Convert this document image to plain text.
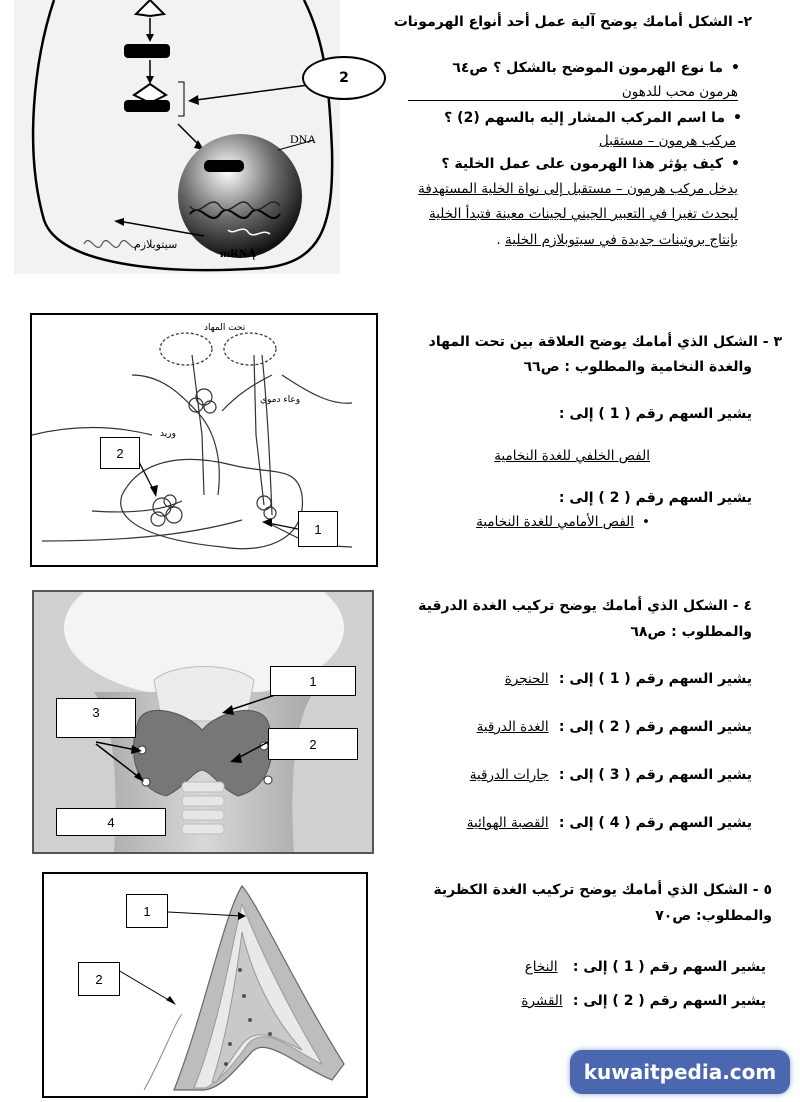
DNA
mRNA
سيتوبلازم
2
٢- الشكل أمامك يوضح آلية عمل أحد أنواع الهرمونات
• ما نوع الهرمون الموضح بالشكل ؟ ص٦٤
هرمون محب للدهون
• ما اسم المركب المشار إليه بالسهم (2) ؟
مركب هرمون – مستقبل
• كيف يؤثر هذا الهرمون على عمل الخلية ؟
يدخل مركب هرمون – مستقبل إلى نواة الخلية المستهدفة
ليحدث تغيرا في التعبير الجيني لجينات معينة فتبدأ الخلية
بإنتاج بروتينات جديدة في سيتوبلازم الخلية .
تحت المهاد
وعاء دموي
وريد
2
1
٣ - الشكل الذي أمامك يوضح العلاقة بين تحت المهاد
والغدة النخامية والمطلوب : ص٦٦
يشير السهم رقم ( 1 ) إلى :
الفص الخلفي للغدة النخامية
يشير السهم رقم ( 2 ) إلى :
• الفص الأمامي للغدة النخامية
1
3
2
4
٤ - الشكل الذي أمامك يوضح تركيب الغدة الدرقية
والمطلوب : ص٦٨
يشير السهم رقم ( 1 ) إلى :  الحنجرة
يشير السهم رقم ( 2 ) إلى :  الغدة الدرقية
يشير السهم رقم ( 3 ) إلى :  جارات الدرقية
يشير السهم رقم ( 4 ) إلى :  القصبة الهوائية
1
2
٥ - الشكل الذي أمامك يوضح تركيب الغدة الكظرية
والمطلوب: ص٧٠
يشير السهم رقم ( 1 ) إلى :   النخاع
يشير السهم رقم ( 2 ) إلى :  القشرة
kuwaitpedia.com
